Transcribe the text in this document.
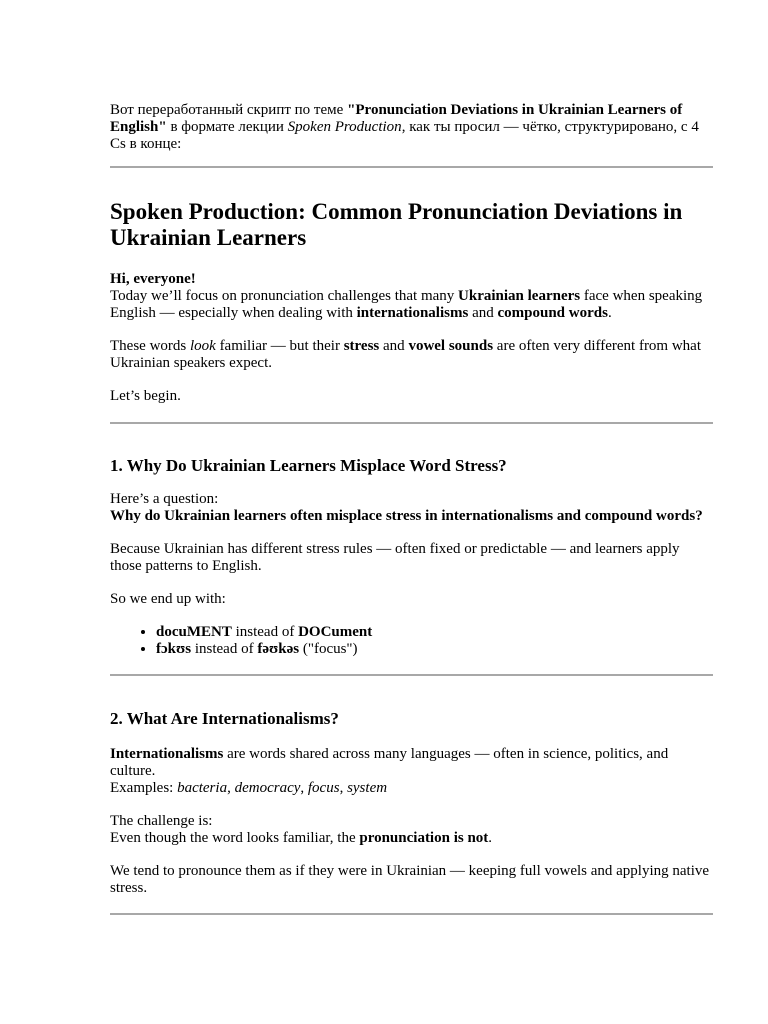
Вот переработанный скрипт по теме "Pronunciation Deviations in Ukrainian Learners of English" в формате лекции Spoken Production, как ты просил — чётко, структурировано, с 4 Cs в конце:

Spoken Production: Common Pronunciation Deviations in Ukrainian Learners

Hi, everyone!

Today we’ll focus on pronunciation challenges that many Ukrainian learners face when speaking English — especially when dealing with internationalisms and compound words.

These words look familiar — but their stress and vowel sounds are often very different from what Ukrainian speakers expect.

Let’s begin.

1. Why Do Ukrainian Learners Misplace Word Stress?

Here’s a question:

Why do Ukrainian learners often misplace stress in internationalisms and compound words?

Because Ukrainian has different stress rules — often fixed or predictable — and learners apply those patterns to English.

So we end up with:

• docuMENT instead of DOCument
• fɔkʊs instead of fəʊkəs ("focus")
2. What Are Internationalisms?

Internationalisms are words shared across many languages — often in science, politics, and culture.

Examples: bacteria, democracy, focus, system

The challenge is:

Even though the word looks familiar, the pronunciation is not.

We tend to pronounce them as if they were in Ukrainian — keeping full vowels and applying native stress.
